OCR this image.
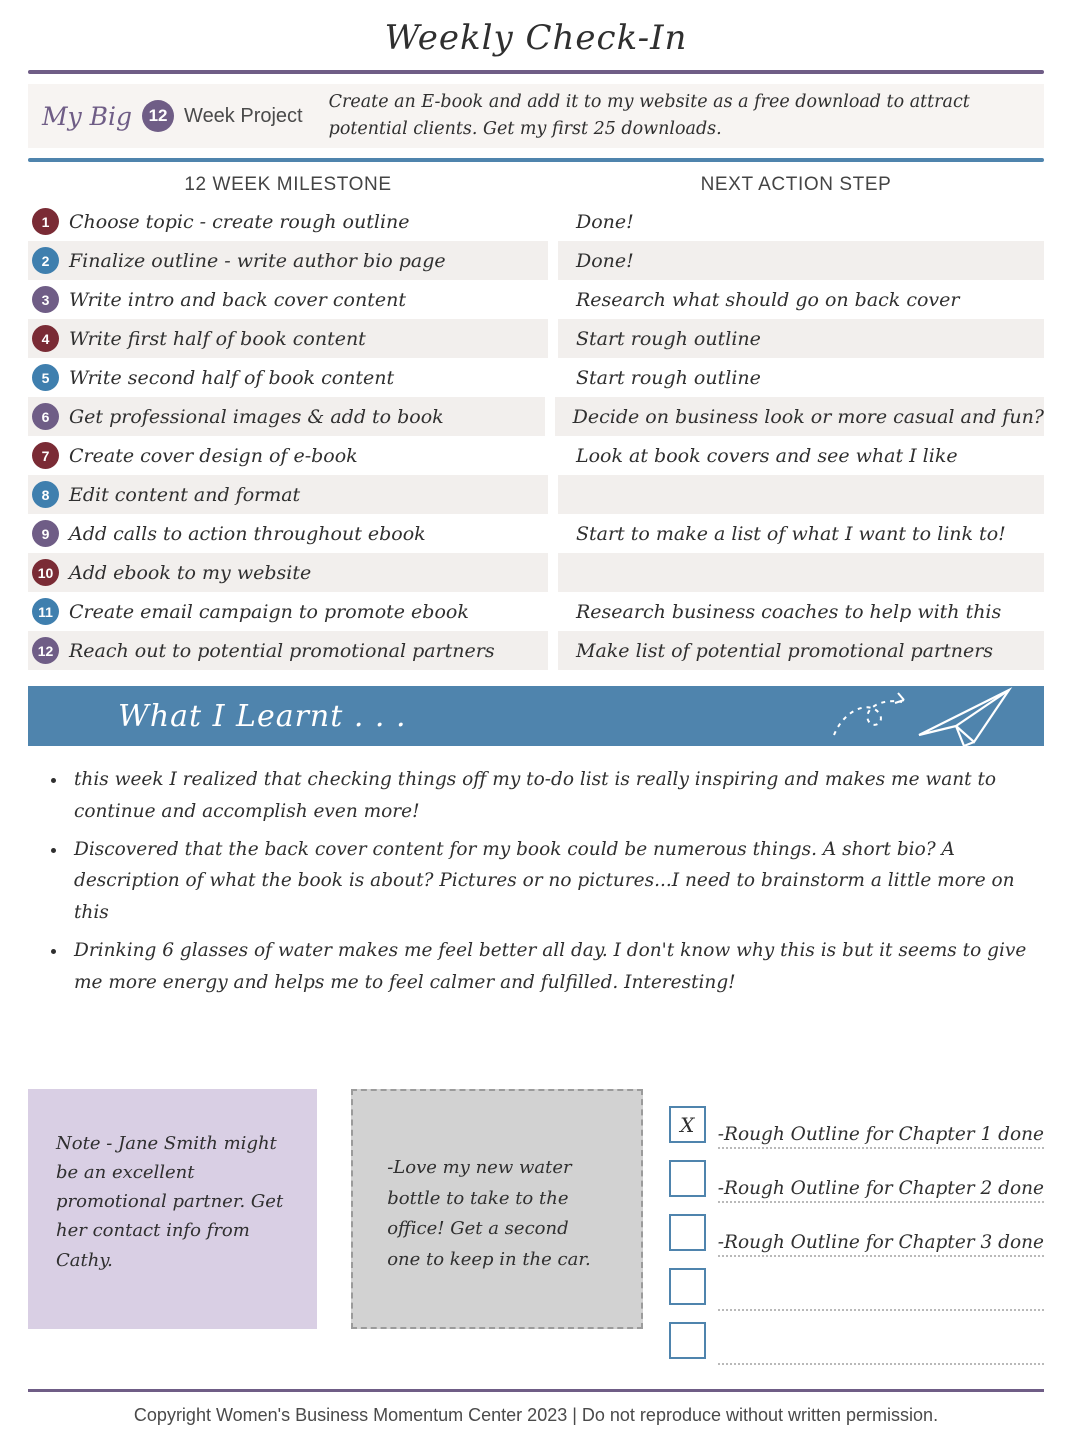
Weekly Check-In
My Big 12 Week Project
Create an E-book and add it to my website as a free download to attract potential clients. Get my first 25 downloads.
12 WEEK MILESTONE	NEXT ACTION STEP
1	Choose topic - create rough outline	Done!
2	Finalize outline - write author bio page	Done!
3	Write intro and back cover content	Research what should go on back cover
4	Write first half of book content	Start rough outline
5	Write second half of book content	Start rough outline
6	Get professional images & add to book	Decide on business look or more casual and fun?
7	Create cover design of e-book	Look at book covers and see what I like
8	Edit content and format
9	Add calls to action throughout ebook	Start to make a list of what I want to link to!
10 Add ebook to my website
11 Create email campaign to promote ebook	Research business coaches to help with this
12 Reach out to potential promotional partners	Make list of potential promotional partners
What I Learnt . . .
• this week I realized that checking things off my to-do list is really inspiring and makes me want to continue and accomplish even more!
• Discovered that the back cover content for my book could be numerous things. A short bio? A description of what the book is about? Pictures or no pictures...I need to brainstorm a little more on this
• Drinking 6 glasses of water makes me feel better all day. I don't know why this is but it seems to give me more energy and helps me to feel calmer and fulfilled. Interesting!
Note - Jane Smith might be an excellent promotional partner. Get her contact info from Cathy.
-Love my new water bottle to take to the office! Get a second one to keep in the car.
X	-Rough Outline for Chapter 1 done
-Rough Outline for Chapter 2 done
-Rough Outline for Chapter 3 done
Copyright Women's Business Momentum Center 2023 | Do not reproduce without written permission.
